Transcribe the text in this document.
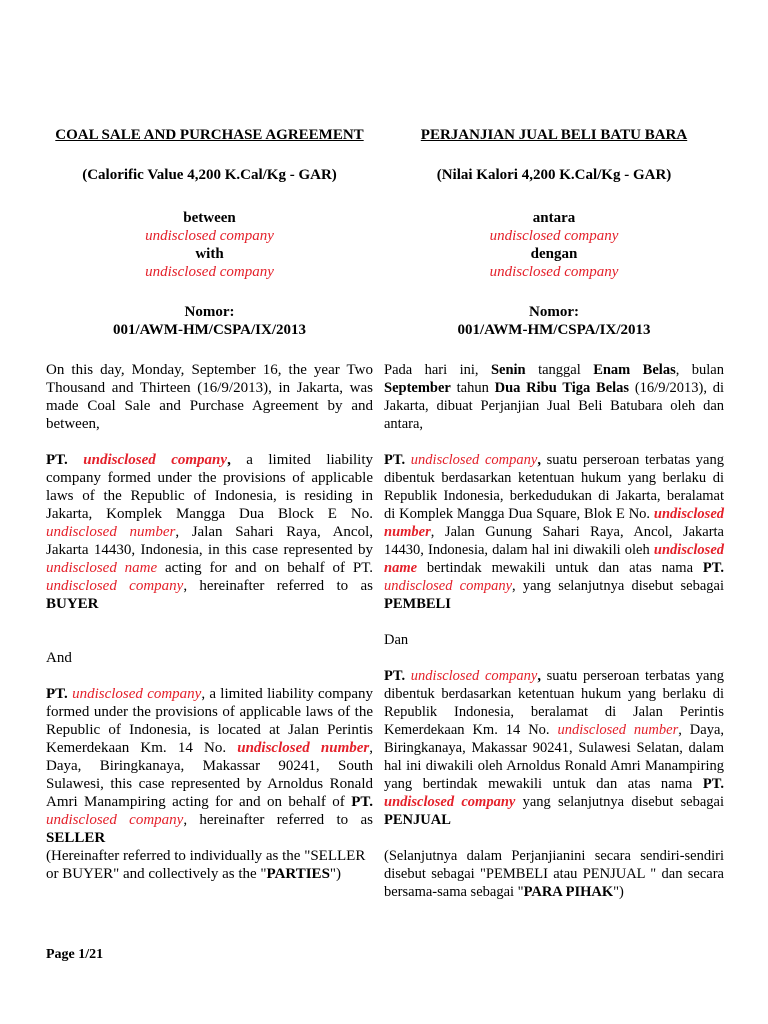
COAL SALE AND PURCHASE AGREEMENT
(Calorific Value 4,200 K.Cal/Kg - GAR)
between
undisclosed company
with
undisclosed company
Nomor:
001/AWM-HM/CSPA/IX/2013

On this day, Monday, September 16, the year Two Thousand and Thirteen (16/9/2013), in Jakarta, was made Coal Sale and Purchase Agreement by and between,

PT. undisclosed company, a limited liability company formed under the provisions of applicable laws of the Republic of Indonesia, is residing in Jakarta, Komplek Mangga Dua Block E No. undisclosed number, Jalan Sahari Raya, Ancol, Jakarta 14430, Indonesia, in this case represented by undisclosed name acting for and on behalf of PT. undisclosed company, hereinafter referred to as BUYER

And

PT. undisclosed company, a limited liability company formed under the provisions of applicable laws of the Republic of Indonesia, is located at Jalan Perintis Kemerdekaan Km. 14 No. undisclosed number, Daya, Biringkanaya, Makassar 90241, South Sulawesi, this case represented by Arnoldus Ronald Amri Manampiring acting for and on behalf of PT. undisclosed company, hereinafter referred to as SELLER

(Hereinafter referred to individually as the "SELLER or BUYER" and collectively as the "PARTIES")

PERJANJIAN JUAL BELI BATU BARA
(Nilai Kalori 4,200 K.Cal/Kg - GAR)
antara
undisclosed company
dengan
undisclosed company
Nomor:
001/AWM-HM/CSPA/IX/2013

Pada hari ini, Senin tanggal Enam Belas, bulan September tahun Dua Ribu Tiga Belas (16/9/2013), di Jakarta, dibuat Perjanjian Jual Beli Batubara oleh dan antara,

PT. undisclosed company, suatu perseroan terbatas yang dibentuk berdasarkan ketentuan hukum yang berlaku di Republik Indonesia, berkedudukan di Jakarta, beralamat di Komplek Mangga Dua Square, Blok E No. undisclosed number, Jalan Gunung Sahari Raya, Ancol, Jakarta 14430, Indonesia, dalam hal ini diwakili oleh undisclosed name bertindak mewakili untuk dan atas nama PT. undisclosed company, yang selanjutnya disebut sebagai PEMBELI

Dan

PT. undisclosed company, suatu perseroan terbatas yang dibentuk berdasarkan ketentuan hukum yang berlaku di Republik Indonesia, beralamat di Jalan Perintis Kemerdekaan Km. 14 No. undisclosed number, Daya, Biringkanaya, Makassar 90241, Sulawesi Selatan, dalam hal ini diwakili oleh Arnoldus Ronald Amri Manampiring yang bertindak mewakili untuk dan atas nama PT. undisclosed company yang selanjutnya disebut sebagai PENJUAL

(Selanjutnya dalam Perjanjianini secara sendiri-sendiri disebut sebagai "PEMBELI atau PENJUAL " dan secara bersama-sama sebagai "PARA PIHAK")

Page 1/21
